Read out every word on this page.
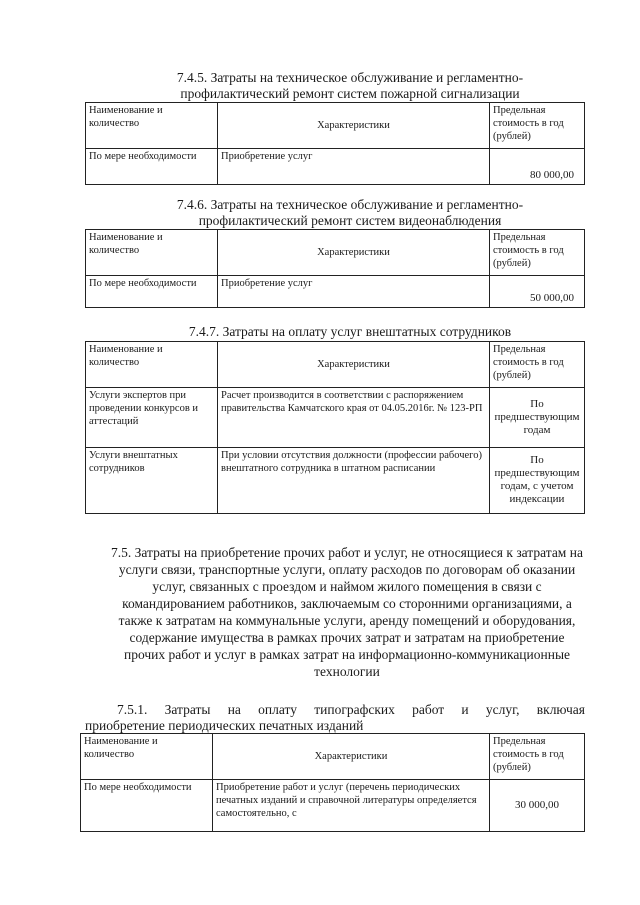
7.4.5. Затраты на техническое обслуживание и регламентно-
профилактический ремонт систем пожарной сигнализации
Наименование и количество	Характеристики	Предельная стоимость в год (рублей)
По мере необходимости	Приобретение услуг	80 000,00
7.4.6. Затраты на техническое обслуживание и регламентно-
профилактический ремонт систем видеонаблюдения
Наименование и количество	Характеристики	Предельная стоимость в год (рублей)
По мере необходимости	Приобретение услуг	50 000,00
7.4.7. Затраты на оплату услуг внештатных сотрудников
Наименование и количество	Характеристики	Предельная стоимость в год (рублей)
Услуги экспертов при проведении конкурсов и аттестаций	Расчет производится в соответствии с распоряжением правительства Камчатского края от 04.05.2016г. № 123-РП	По предшествующим годам
Услуги внештатных сотрудников	При условии отсутствия должности (профессии рабочего) внештатного сотрудника в штатном расписании	По предшествующим годам, с учетом индексации
7.5. Затраты на приобретение прочих работ и услуг, не относящиеся к затратам на услуги связи, транспортные услуги, оплату расходов по договорам об оказании услуг, связанных с проездом и наймом жилого помещения в связи с командированием работников, заключаемым со сторонними организациями, а также к затратам на коммунальные услуги, аренду помещений и оборудования, содержание имущества в рамках прочих затрат и затратам на приобретение прочих работ и услуг в рамках затрат на информационно-коммуникационные технологии
7.5.1. Затраты на оплату типографских работ и услуг, включая
приобретение периодических печатных изданий
Наименование и количество	Характеристики	Предельная стоимость в год (рублей)
По мере необходимости	Приобретение работ и услуг (перечень периодических печатных изданий и справочной литературы определяется самостоятельно, с	30 000,00
